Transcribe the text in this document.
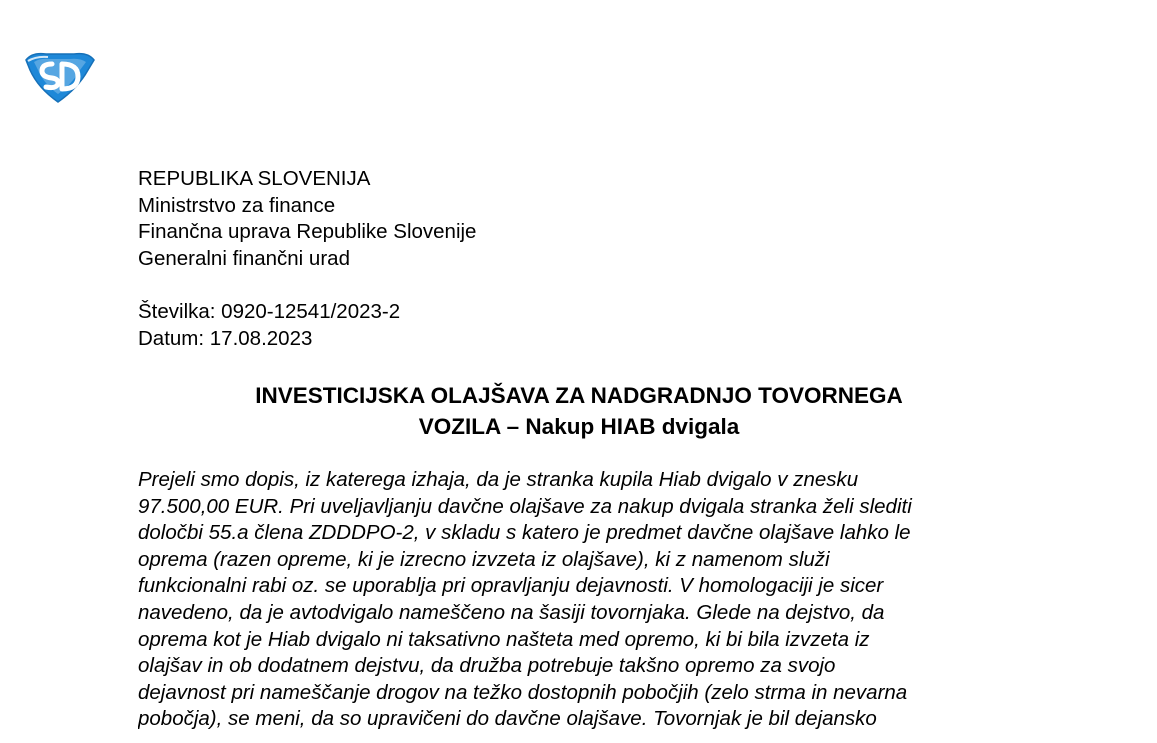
REPUBLIKA SLOVENIJA
Ministrstvo za finance
Finančna uprava Republike Slovenije
Generalni finančni urad
Številka: 0920-12541/2023-2
Datum: 17.08.2023
INVESTICIJSKA OLAJŠAVA ZA NADGRADNJO TOVORNEGA
VOZILA – Nakup HIAB dvigala
Prejeli smo dopis, iz katerega izhaja, da je stranka kupila Hiab dvigalo v znesku
97.500,00 EUR. Pri uveljavljanju davčne olajšave za nakup dvigala stranka želi slediti
določbi 55.a člena ZDDDPO-2, v skladu s katero je predmet davčne olajšave lahko le
oprema (razen opreme, ki je izrecno izvzeta iz olajšave), ki z namenom služi
funkcionalni rabi oz. se uporablja pri opravljanju dejavnosti. V homologaciji je sicer
navedeno, da je avtodvigalo nameščeno na šasiji tovornjaka. Glede na dejstvo, da
oprema kot je Hiab dvigalo ni taksativno našteta med opremo, ki bi bila izvzeta iz
olajšav in ob dodatnem dejstvu, da družba potrebuje takšno opremo za svojo
dejavnost pri nameščanje drogov na težko dostopnih pobočjih (zelo strma in nevarna
pobočja), se meni, da so upravičeni do davčne olajšave. Tovornjak je bil dejansko
